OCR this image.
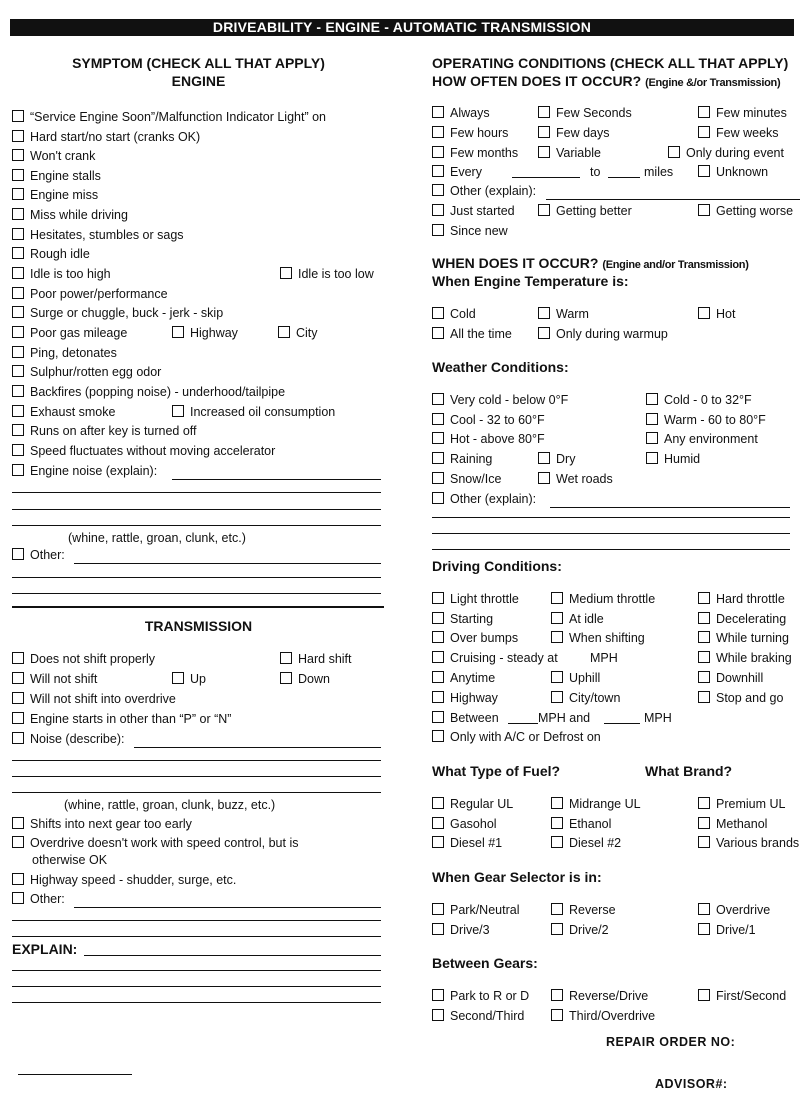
DRIVEABILITY - ENGINE - AUTOMATIC TRANSMISSION
SYMPTOM (CHECK ALL THAT APPLY)
ENGINE
“Service Engine Soon”/Malfunction Indicator Light” on
Hard start/no start (cranks OK)
Won't crank
Engine stalls
Engine miss
Miss while driving
Hesitates, stumbles or sags
Rough idle
Idle is too high	Idle is too low
Poor power/performance
Surge or chuggle, buck - jerk - skip
Poor gas mileage	Highway	City
Ping, detonates
Sulphur/rotten egg odor
Backfires (popping noise) - underhood/tailpipe
Exhaust smoke	Increased oil consumption
Runs on after key is turned off
Speed fluctuates without moving accelerator
Engine noise (explain):
(whine, rattle, groan, clunk, etc.)
Other:
TRANSMISSION
Does not shift properly	Hard shift
Will not shift	Up	Down
Will not shift into overdrive
Engine starts in other than “P” or “N”
Noise (describe):
(whine, rattle, groan, clunk, buzz, etc.)
Shifts into next gear too early
Overdrive doesn't work with speed control, but is
otherwise OK
Highway speed - shudder, surge, etc.
Other:
EXPLAIN:
OPERATING CONDITIONS (CHECK ALL THAT APPLY)
HOW OFTEN DOES IT OCCUR? (Engine &/or Transmission)
Always	Few Seconds	Few minutes
Few hours	Few days	Few weeks
Few months	Variable	Only during event
Every	to	miles	Unknown
Other (explain):
Just started	Getting better	Getting worse
Since new
WHEN DOES IT OCCUR? (Engine and/or Transmission)
When Engine Temperature is:
Cold	Warm	Hot
All the time	Only during warmup
Weather Conditions:
Very cold - below 0°F	Cold - 0 to 32°F
Cool - 32 to 60°F	Warm - 60 to 80°F
Hot - above 80°F	Any environment
Raining	Dry	Humid
Snow/Ice	Wet roads
Other (explain):
Driving Conditions:
Light throttle	Medium throttle	Hard throttle
Starting	At idle	Decelerating
Over bumps	When shifting	While turning
Cruising - steady at	MPH	While braking
Anytime	Uphill	Downhill
Highway	City/town	Stop and go
Between	MPH and	MPH
Only with A/C or Defrost on
What Type of Fuel?	What Brand?
Regular UL	Midrange UL	Premium UL
Gasohol	Ethanol	Methanol
Diesel #1	Diesel #2	Various brands
When Gear Selector is in:
Park/Neutral	Reverse	Overdrive
Drive/3	Drive/2	Drive/1
Between Gears:
Park to R or D	Reverse/Drive	First/Second
Second/Third	Third/Overdrive
REPAIR ORDER NO:
ADVISOR#:
